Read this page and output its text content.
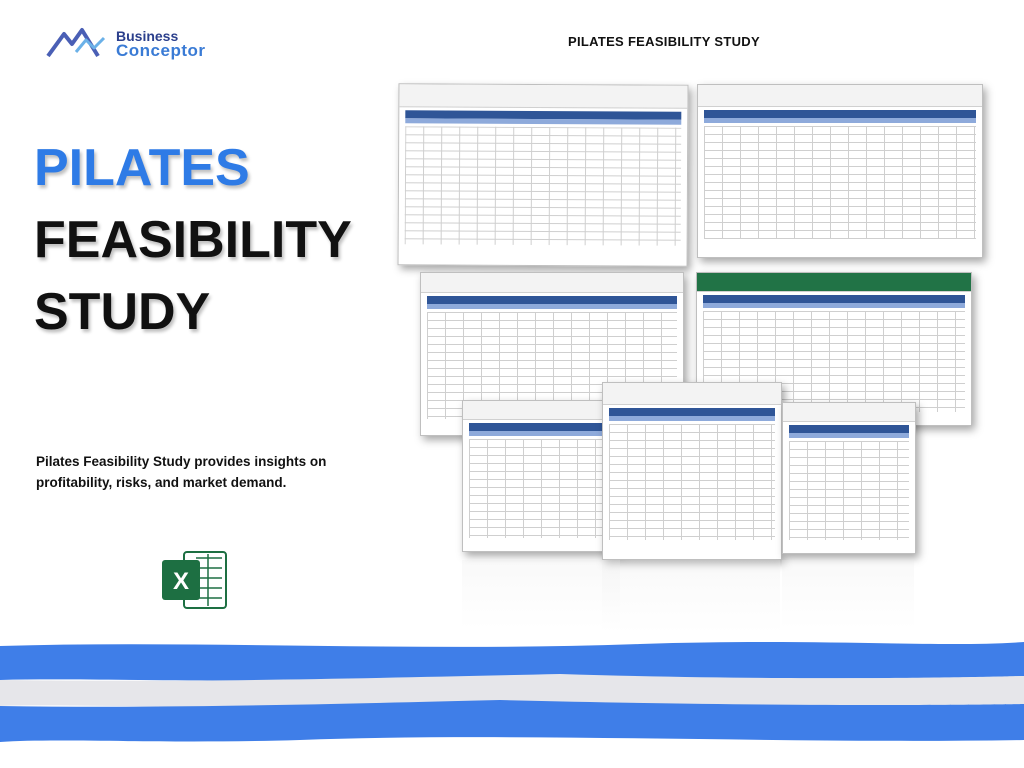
Business
Conceptor	PILATES FEASIBILITY STUDY
PILATES
FEASIBILITY
STUDY
Pilates Feasibility Study provides insights on profitability, risks, and market demand.
X
